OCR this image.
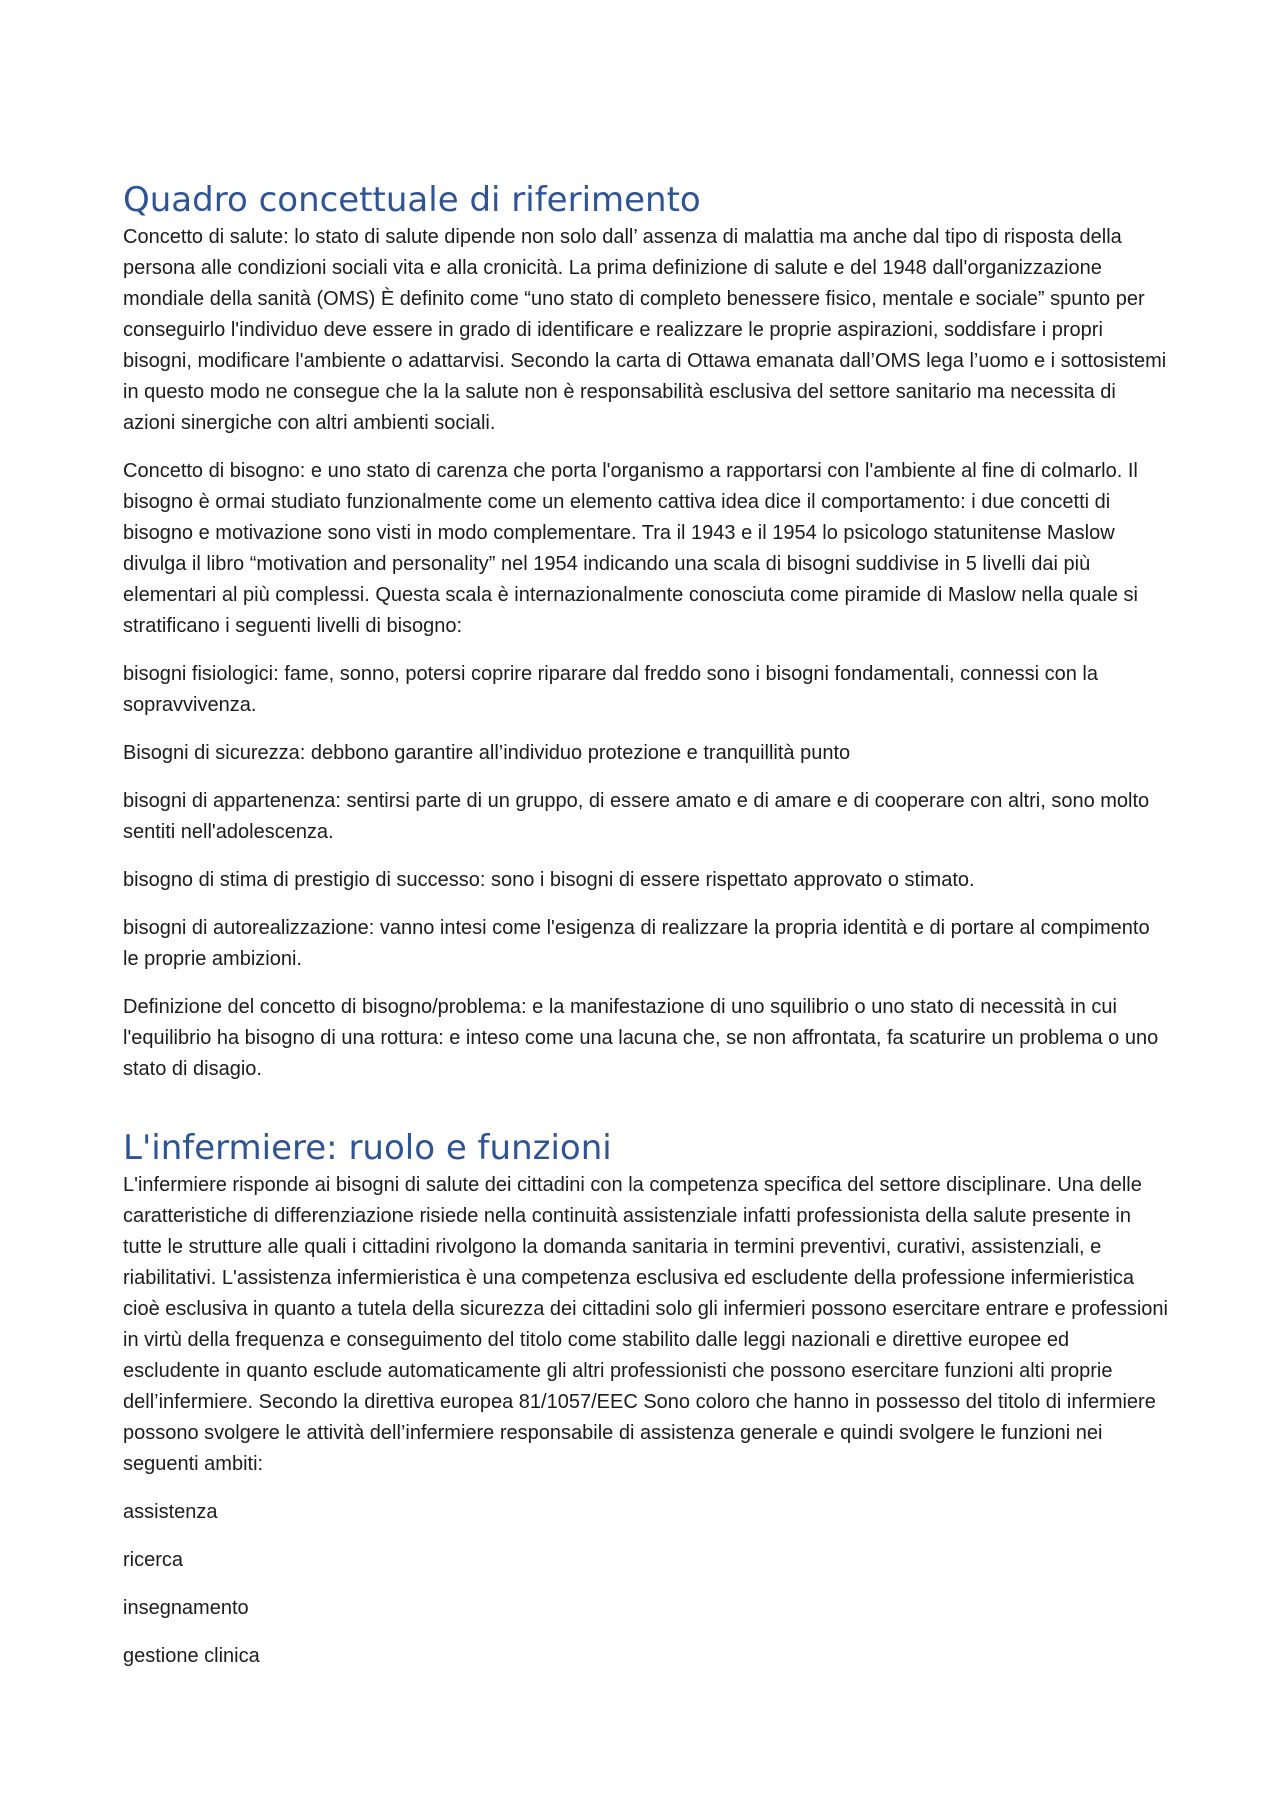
Quadro concettuale di riferimento

Concetto di salute: lo stato di salute dipende non solo dall’ assenza di malattia ma anche dal tipo di risposta della persona alle condizioni sociali vita e alla cronicità. La prima definizione di salute e del 1948 dall'organizzazione mondiale della sanità (OMS) È definito come “uno stato di completo benessere fisico, mentale e sociale” spunto per conseguirlo l'individuo deve essere in grado di identificare e realizzare le proprie aspirazioni, soddisfare i propri bisogni, modificare l'ambiente o adattarvisi. Secondo la carta di Ottawa emanata dall’OMS lega l’uomo e i sottosistemi in questo modo ne consegue che la la salute non è responsabilità esclusiva del settore sanitario ma necessita di azioni sinergiche con altri ambienti sociali.

Concetto di bisogno: e uno stato di carenza che porta l'organismo a rapportarsi con l'ambiente al fine di colmarlo. Il bisogno è ormai studiato funzionalmente come un elemento cattiva idea dice il comportamento: i due concetti di bisogno e motivazione sono visti in modo complementare. Tra il 1943 e il 1954 lo psicologo statunitense Maslow divulga il libro “motivation and personality” nel 1954 indicando una scala di bisogni suddivise in 5 livelli dai più elementari al più complessi. Questa scala è internazionalmente conosciuta come piramide di Maslow nella quale si stratificano i seguenti livelli di bisogno:

bisogni fisiologici: fame, sonno, potersi coprire riparare dal freddo sono i bisogni fondamentali, connessi con la sopravvivenza.

Bisogni di sicurezza: debbono garantire all’individuo protezione e tranquillità punto

bisogni di appartenenza: sentirsi parte di un gruppo, di essere amato e di amare e di cooperare con altri, sono molto sentiti nell'adolescenza.

bisogno di stima di prestigio di successo: sono i bisogni di essere rispettato approvato o stimato.

bisogni di autorealizzazione: vanno intesi come l'esigenza di realizzare la propria identità e di portare al compimento le proprie ambizioni.

Definizione del concetto di bisogno/problema: e la manifestazione di uno squilibrio o uno stato di necessità in cui l'equilibrio ha bisogno di una rottura: e inteso come una lacuna che, se non affrontata, fa scaturire un problema o uno stato di disagio.

L'infermiere: ruolo e funzioni

L'infermiere risponde ai bisogni di salute dei cittadini con la competenza specifica del settore disciplinare. Una delle caratteristiche di differenziazione risiede nella continuità assistenziale infatti professionista della salute presente in tutte le strutture alle quali i cittadini rivolgono la domanda sanitaria in termini preventivi, curativi, assistenziali, e riabilitativi. L'assistenza infermieristica è una competenza esclusiva ed escludente della professione infermieristica cioè esclusiva in quanto a tutela della sicurezza dei cittadini solo gli infermieri possono esercitare entrare e professioni in virtù della frequenza e conseguimento del titolo come stabilito dalle leggi nazionali e direttive europee ed escludente in quanto esclude automaticamente gli altri professionisti che possono esercitare funzioni alti proprie dell’infermiere. Secondo la direttiva europea 81/1057/EEC Sono coloro che hanno in possesso del titolo di infermiere possono svolgere le attività dell’infermiere responsabile di assistenza generale e quindi svolgere le funzioni nei seguenti ambiti:

assistenza

ricerca

insegnamento

gestione clinica
